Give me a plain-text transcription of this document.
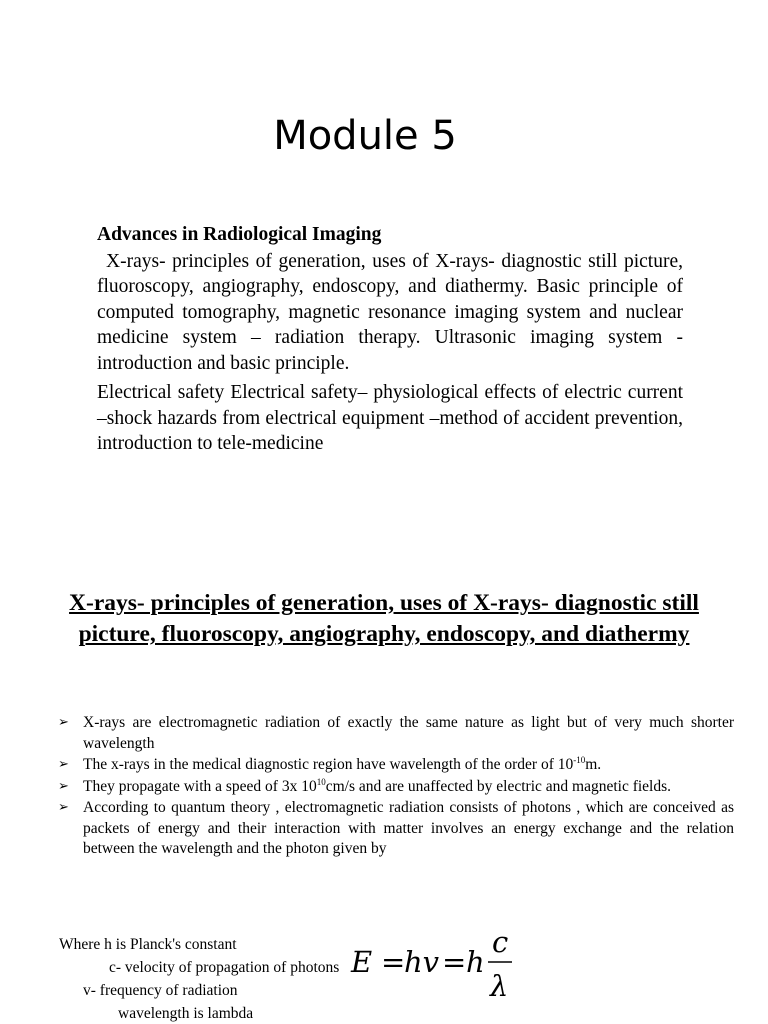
Module 5
Advances in Radiological Imaging

X-rays- principles of generation, uses of X-rays- diagnostic still picture, fluoroscopy, angiography, endoscopy, and diathermy. Basic principle of computed tomography, magnetic resonance imaging system and nuclear medicine system – radiation therapy. Ultrasonic imaging system - introduction and basic principle.

Electrical safety Electrical safety– physiological effects of electric current –shock hazards from electrical equipment –method of accident prevention, introduction to tele-medicine

X-rays- principles of generation, uses of X-rays- diagnostic still picture, fluoroscopy, angiography, endoscopy, and diathermy
➢ X-rays are electromagnetic radiation of exactly the same nature as light but of very much shorter wavelength
➢ The x-rays in the medical diagnostic region have wavelength of the order of $10^{-10}m$.
➢ They propagate with a speed of 3x $10^{10}cm/s$ and are unaffected by electric and magnetic fields.
➢ According to quantum theory , electromagnetic radiation consists of photons , which are conceived as packets of energy and their interaction with matter involves an energy exchange and the relation between the wavelength and the photon given by

Where h is Planck's constant

c- velocity of propagation of photons

v- frequency of radiation

wavelength is lambda

E =
hv = h
c
λ
